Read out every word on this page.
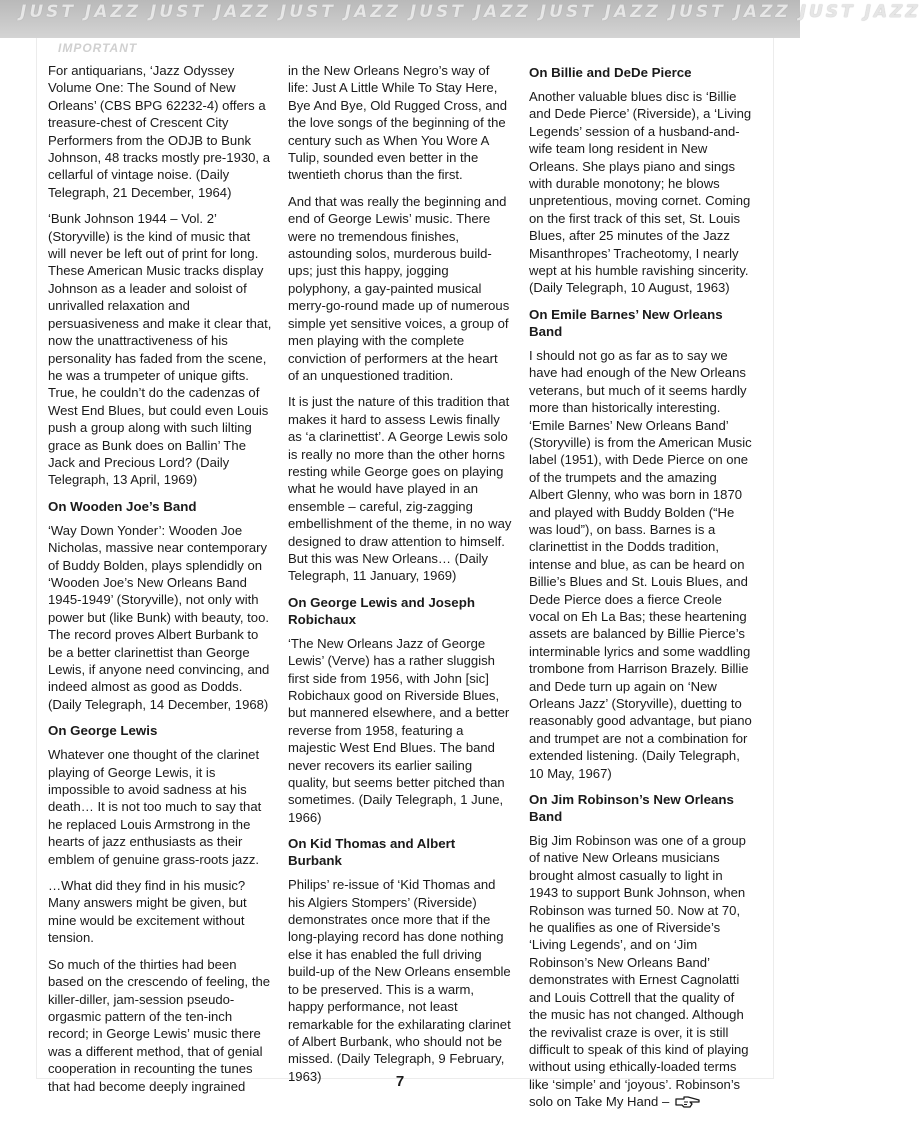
JUST JAZZ JUST JAZZ JUST JAZZ JUST JAZZ JUST JAZZ JUST JAZZ JUST JAZZ
IMPORTANT

For antiquarians, ‘Jazz Odyssey Volume One: The Sound of New Orleans’ (CBS BPG 62232-4) offers a treasure-chest of Crescent City Performers from the ODJB to Bunk Johnson, 48 tracks mostly pre-1930, a cellarful of vintage noise. (Daily Telegraph, 21 December, 1964)

‘Bunk Johnson 1944 – Vol. 2’ (Storyville) is the kind of music that will never be left out of print for long. These American Music tracks display Johnson as a leader and soloist of unrivalled relaxation and persuasiveness and make it clear that, now the unattractiveness of his personality has faded from the scene, he was a trumpeter of unique gifts. True, he couldn’t do the cadenzas of West End Blues, but could even Louis push a group along with such lilting grace as Bunk does on Ballin’ The Jack and Precious Lord? (Daily Telegraph, 13 April, 1969)

On Wooden Joe’s Band

‘Way Down Yonder’: Wooden Joe Nicholas, massive near contemporary of Buddy Bolden, plays splendidly on ‘Wooden Joe’s New Orleans Band 1945-1949’ (Storyville), not only with power but (like Bunk) with beauty, too. The record proves Albert Burbank to be a better clarinettist than George Lewis, if anyone need convincing, and indeed almost as good as Dodds. (Daily Telegraph, 14 December, 1968)

On George Lewis

Whatever one thought of the clarinet playing of George Lewis, it is impossible to avoid sadness at his death… It is not too much to say that he replaced Louis Armstrong in the hearts of jazz enthusiasts as their emblem of genuine grass-roots jazz.

…What did they find in his music? Many answers might be given, but mine would be excitement without tension.

So much of the thirties had been based on the crescendo of feeling, the killer-diller, jam-session pseudo-orgasmic pattern of the ten-inch record; in George Lewis’ music there was a different method, that of genial cooperation in recounting the tunes that had become deeply ingrained

in the New Orleans Negro’s way of life: Just A Little While To Stay Here, Bye And Bye, Old Rugged Cross, and the love songs of the beginning of the century such as When You Wore A Tulip, sounded even better in the twentieth chorus than the first.

And that was really the beginning and end of George Lewis’ music. There were no tremendous finishes, astounding solos, murderous build-ups; just this happy, jogging polyphony, a gay-painted musical merry-go-round made up of numerous simple yet sensitive voices, a group of men playing with the complete conviction of performers at the heart of an unquestioned tradition.

It is just the nature of this tradition that makes it hard to assess Lewis finally as ‘a clarinettist’. A George Lewis solo is really no more than the other horns resting while George goes on playing what he would have played in an ensemble – careful, zig-zagging embellishment of the theme, in no way designed to draw attention to himself. But this was New Orleans… (Daily Telegraph, 11 January, 1969)

On George Lewis and Joseph Robichaux

‘The New Orleans Jazz of George Lewis’ (Verve) has a rather sluggish first side from 1956, with John [sic] Robichaux good on Riverside Blues, but mannered elsewhere, and a better reverse from 1958, featuring a majestic West End Blues. The band never recovers its earlier sailing quality, but seems better pitched than sometimes. (Daily Telegraph, 1 June, 1966)

On Kid Thomas and Albert Burbank

Philips’ re-issue of ‘Kid Thomas and his Algiers Stompers’ (Riverside) demonstrates once more that if the long-playing record has done nothing else it has enabled the full driving build-up of the New Orleans ensemble to be preserved. This is a warm, happy performance, not least remarkable for the exhilarating clarinet of Albert Burbank, who should not be missed. (Daily Telegraph, 9 February, 1963)

On Billie and DeDe Pierce

Another valuable blues disc is ‘Billie and Dede Pierce’ (Riverside), a ‘Living Legends’ session of a husband-and-wife team long resident in New Orleans. She plays piano and sings with durable monotony; he blows unpretentious, moving cornet. Coming on the first track of this set, St. Louis Blues, after 25 minutes of the Jazz Misanthropes’ Tracheotomy, I nearly wept at his humble ravishing sincerity. (Daily Telegraph, 10 August, 1963)

On Emile Barnes’ New Orleans Band

I should not go as far as to say we have had enough of the New Orleans veterans, but much of it seems hardly more than historically interesting. ‘Emile Barnes’ New Orleans Band’ (Storyville) is from the American Music label (1951), with Dede Pierce on one of the trumpets and the amazing Albert Glenny, who was born in 1870 and played with Buddy Bolden (“He was loud”), on bass. Barnes is a clarinettist in the Dodds tradition, intense and blue, as can be heard on Billie’s Blues and St. Louis Blues, and Dede Pierce does a fierce Creole vocal on Eh La Bas; these heartening assets are balanced by Billie Pierce’s interminable lyrics and some waddling trombone from Harrison Brazely. Billie and Dede turn up again on ‘New Orleans Jazz’ (Storyville), duetting to reasonably good advantage, but piano and trumpet are not a combination for extended listening. (Daily Telegraph, 10 May, 1967)

On Jim Robinson’s New Orleans Band

Big Jim Robinson was one of a group of native New Orleans musicians brought almost casually to light in 1943 to support Bunk Johnson, when Robinson was turned 50. Now at 70, he qualifies as one of Riverside’s ‘Living Legends’, and on ‘Jim Robinson’s New Orleans Band’ demonstrates with Ernest Cagnolatti and Louis Cottrell that the quality of the music has not changed. Although the revivalist craze is over, it is still difficult to speak of this kind of playing without using ethically-loaded terms like ‘simple’ and ‘joyous’. Robinson’s solo on Take My Hand –

7
